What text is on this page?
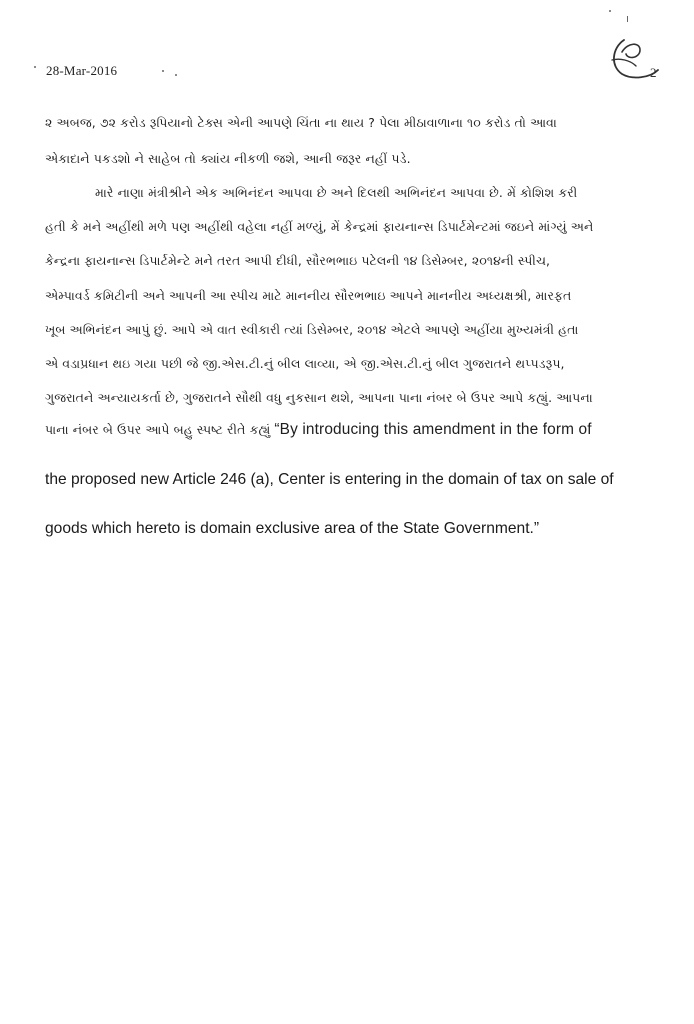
28-Mar-2016	2
૨ અબજ, ૭૨ કરોડ રૂપિયાનો ટેક્સ એની આપણે ચિંતા ના થાય ? પેલા મીઠાવાળાના ૧૦ કરોડ તો આવા
એકાદાને પકડશો ને સાહેબ તો ક્યાંય નીકળી જશે, આની જરૂર નહીં પડે.
મારે નાણા મંત્રીશ્રીને એક અભિનંદન આપવા છે અને દિલથી અભિનંદન આપવા છે. મેં કોશિશ કરી
હતી કે મને અહીંથી મળે પણ અહીંથી વહેલા નહીં મળ્યું, મેં કેન્દ્રમાં ફાયનાન્સ ડિપાર્ટમેન્ટમાં જઇને માંગ્યું અને
કેન્દ્રના ફાયનાન્સ ડિપાર્ટમેન્ટે મને તરત આપી દીધી, સૌરભભાઇ પટેલની ૧૪ ડિસેમ્બર, ૨૦૧૪ની સ્પીચ,
એમ્પાવર્ડ કમિટીની અને આપની આ સ્પીચ માટે માનનીય સૌરભભાઇ આપને માનનીય અધ્યક્ષશ્રી, મારફત
ખૂબ અભિનંદન આપું છું. આપે એ વાત સ્વીકારી ત્યાં ડિસેમ્બર, ૨૦૧૪ એટલે આપણે અહીંયા મુખ્યમંત્રી હતા
એ વડાપ્રધાન થઇ ગયા પછી જે જી.એસ.ટી.નું બીલ લાવ્યા, એ જી.એસ.ટી.નું બીલ ગુજરાતને થપ્પડરૂપ,
ગુજરાતને અન્યાયકર્તા છે, ગુજરાતને સૌથી વધુ નુકસાન થશે, આપના પાના નંબર બે ઉપર આપે કહ્યું. આપના
પાના નંબર બે ઉપર આપે બહુ સ્પષ્ટ રીતે કહ્યું “By introducing this amendment in the form of
the proposed new Article 246 (a), Center is entering in the domain of tax on sale of
goods which hereto is domain exclusive area of the State Government.”
